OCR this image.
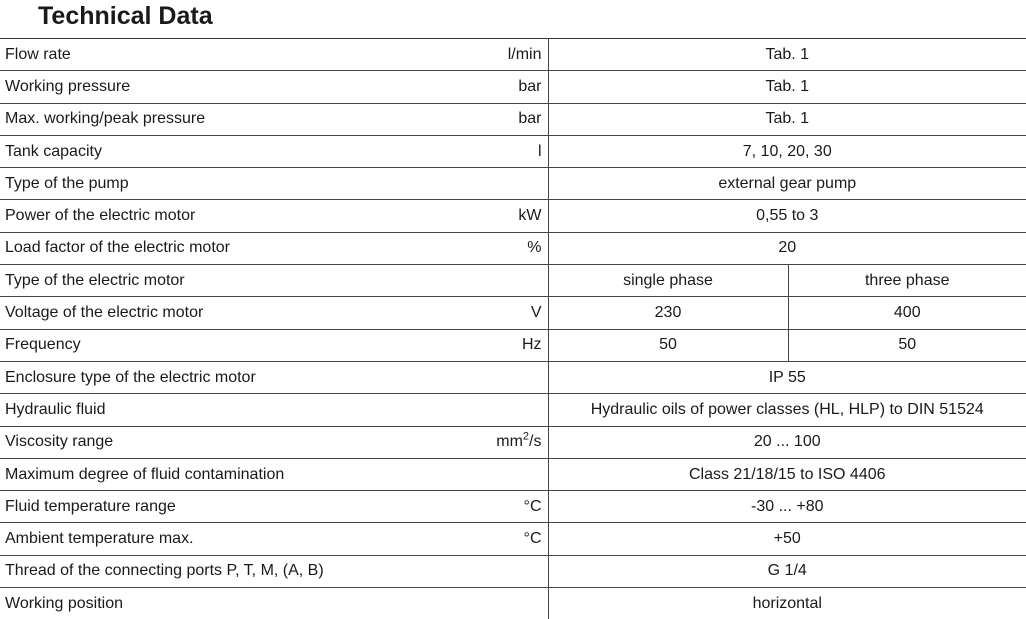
Technical Data
Flow rate	l/min	Tab. 1	
Working pressure	bar	Tab. 1	
Max. working/peak pressure	bar	Tab. 1	
Tank capacity	l	7, 10, 20, 30	
Type of the pump		external gear pump	
Power of the electric motor	kW	0,55 to 3	
Load factor of the electric motor	%	20	
Type of the electric motor		single phase	three phase
Voltage of the electric motor	V	230	400
Frequency	Hz	50	50
Enclosure type of the electric motor		IP 55	
Hydraulic fluid		Hydraulic oils of power classes (HL, HLP) to DIN 51524	
Viscosity range	$mm^2/s$	20 ... 100	
Maximum degree of fluid contamination		Class 21/18/15 to ISO 4406	
Fluid temperature range	°C	-30 ... +80	
Ambient temperature max.	°C	+50	
Thread of the connecting ports P, T, M, (A, B)		G 1/4	
Working position		horizontal	
